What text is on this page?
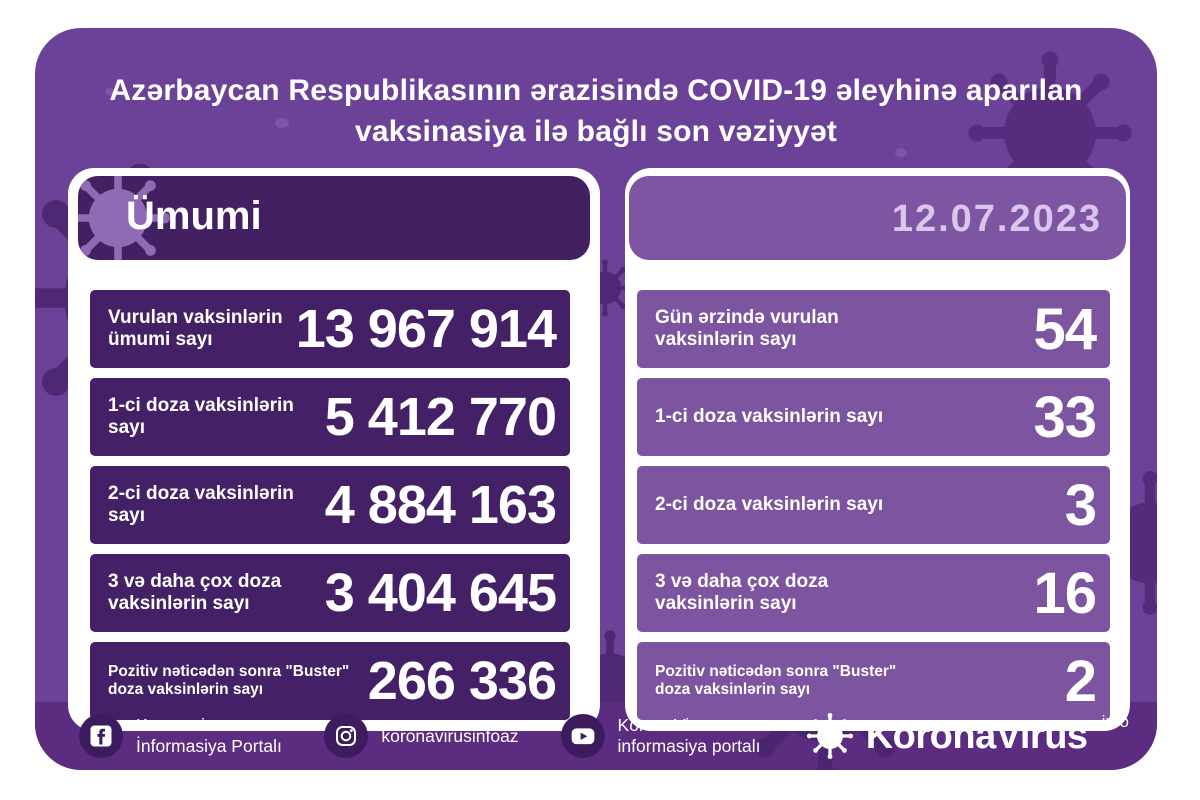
Azərbaycan Respublikasının ərazisində COVID-19 əleyhinə aparılan
vaksinasiya ilə bağlı son vəziyyət
Ümumi
Vurulan vaksinlərin ümumi sayı	13 967 914
1-ci doza vaksinlərin sayı	5 412 770
2-ci doza vaksinlərin sayı	4 884 163
3 və daha çox doza vaksinlərin sayı	3 404 645
Pozitiv nəticədən sonra "Buster" doza vaksinlərin sayı	266 336
12.07.2023
Gün ərzində vurulan vaksinlərin sayı	54
1-ci doza vaksinlərin sayı	33
2-ci doza vaksinlərin sayı	3
3 və daha çox doza vaksinlərin sayı	16
Pozitiv nəticədən sonra "Buster" doza vaksinlərin sayı	2
Koronavirus İnformasiya Portalı
koronavirusinfoaz
KoronaVirus informasiya portalı	KoronaVirus info
